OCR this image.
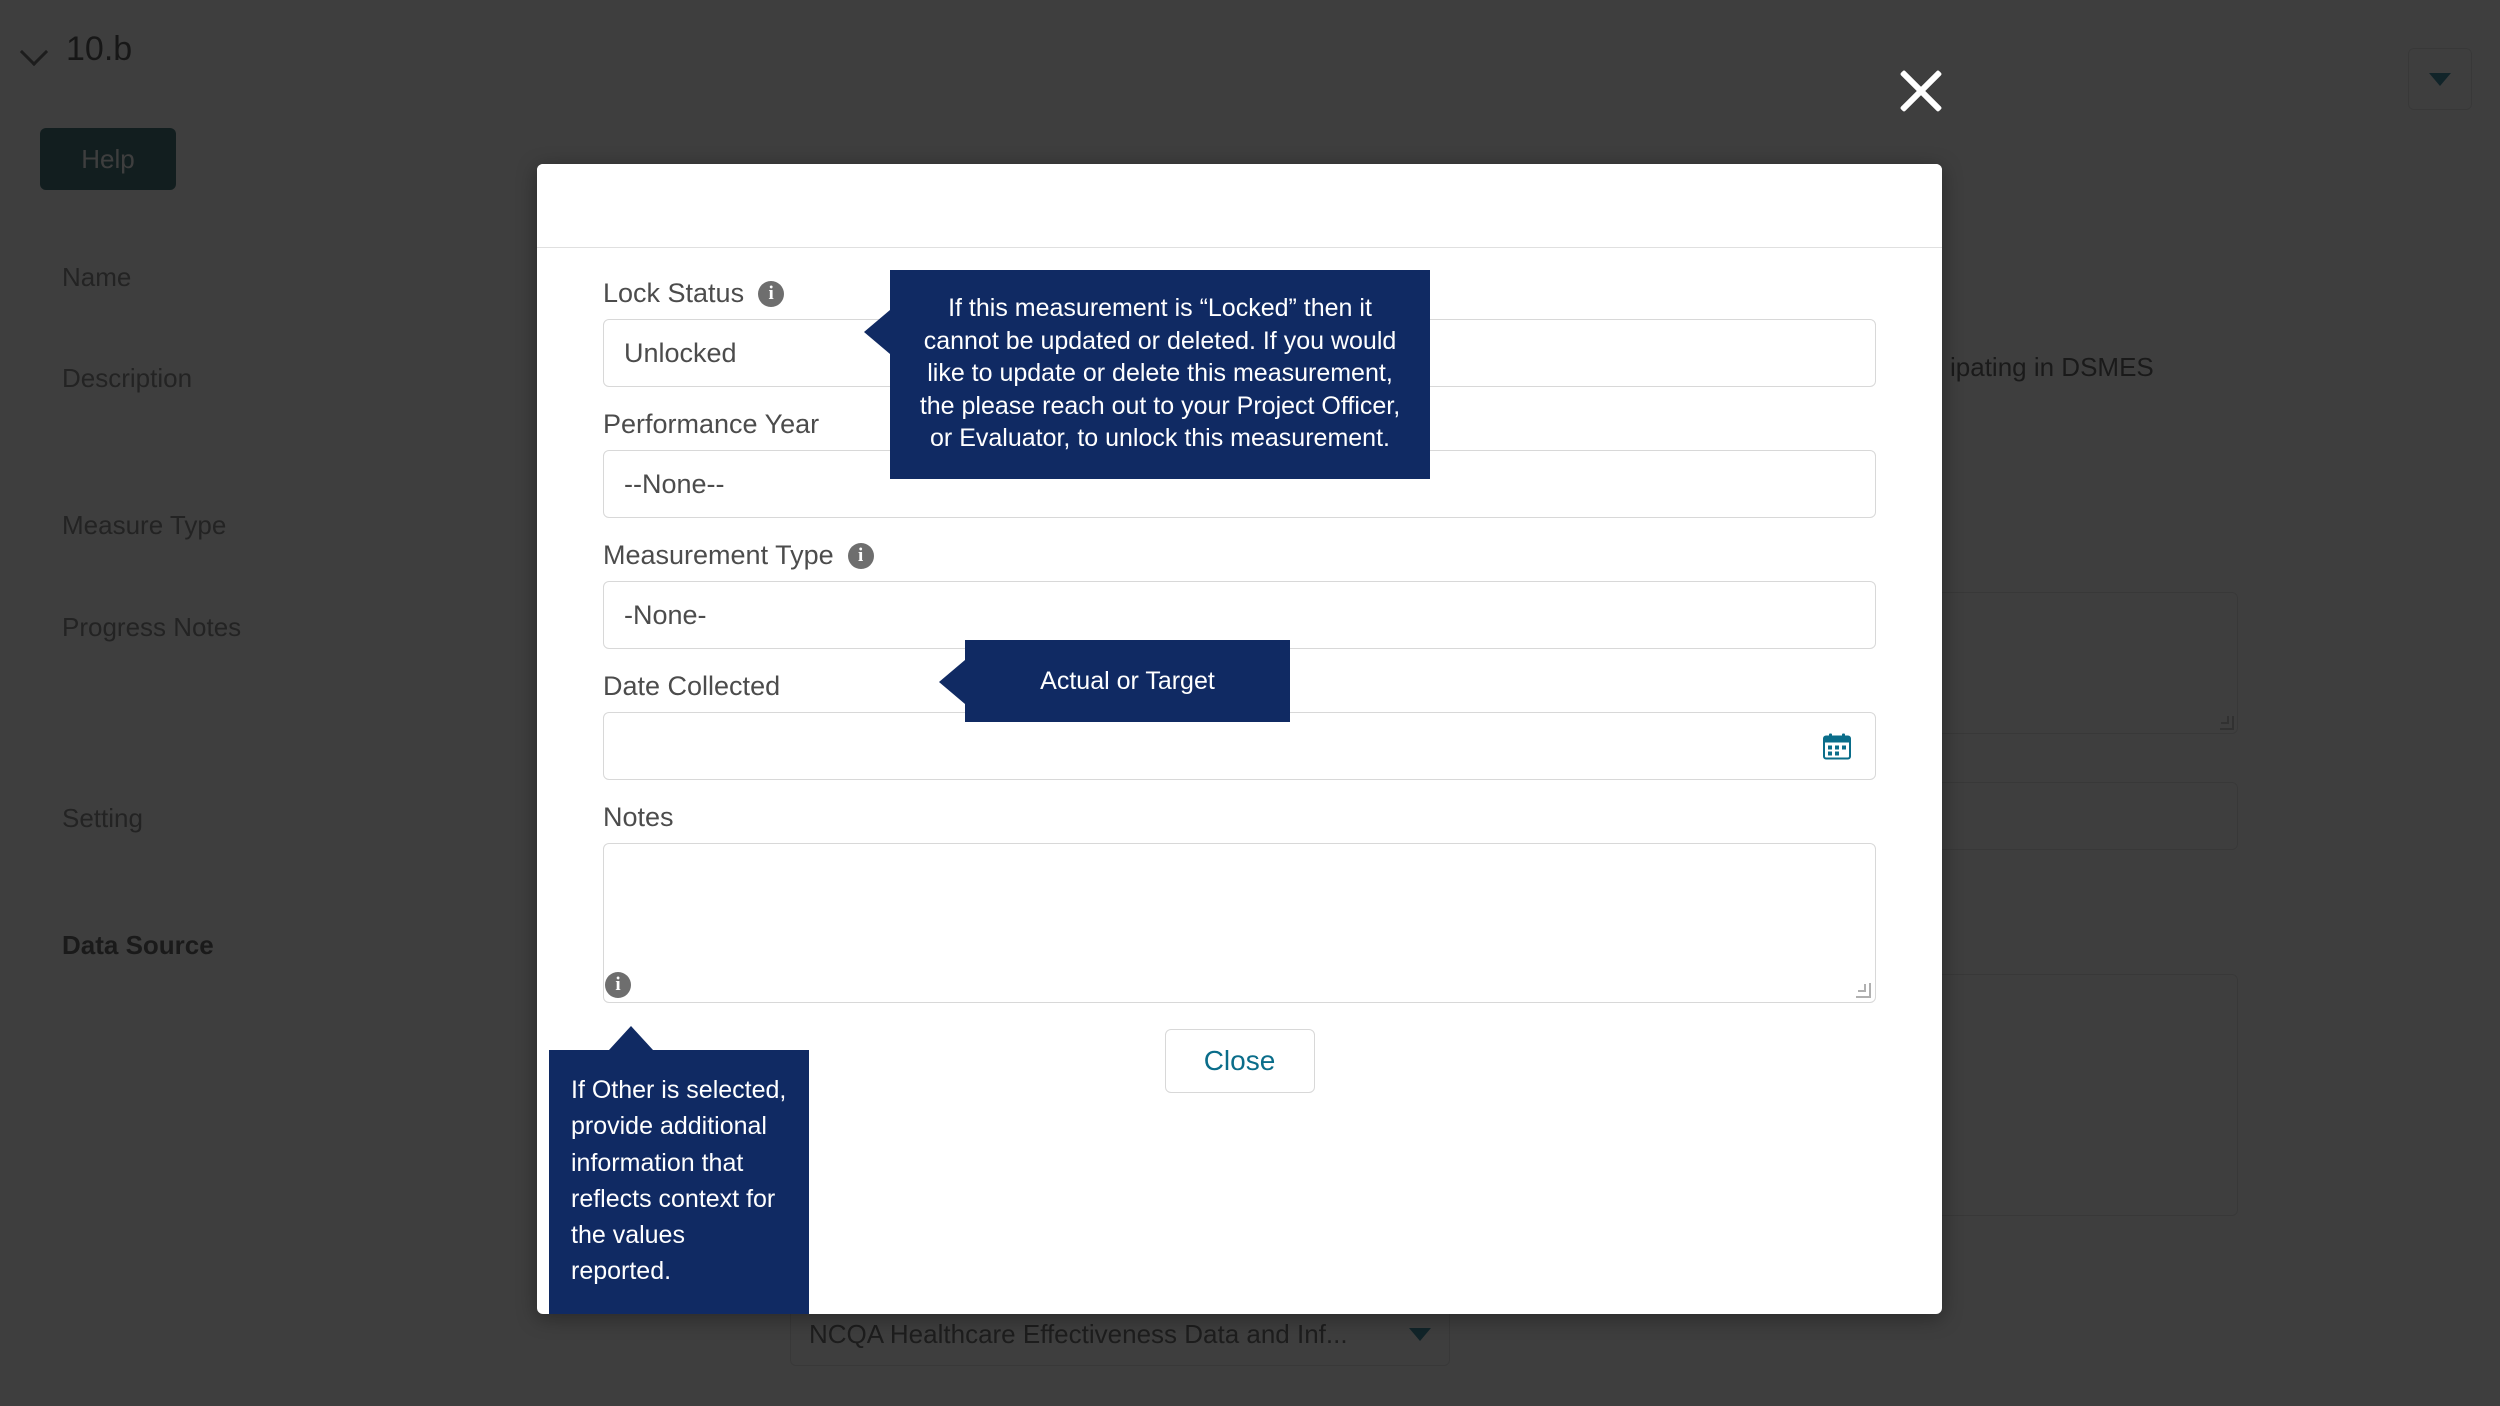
Lock Status	i
Unlocked
Performance Year
--None--
Measurement Type	i
-None-
Date Collected
Notes
Close
i
If this measurement is “Locked” then it cannot be updated or deleted. If you would like to update or delete this measurement, the please reach out to your Project Officer, or Evaluator, to unlock this measurement.
Actual or Target
If Other is selected, provide additional information that reflects context for the values reported.
